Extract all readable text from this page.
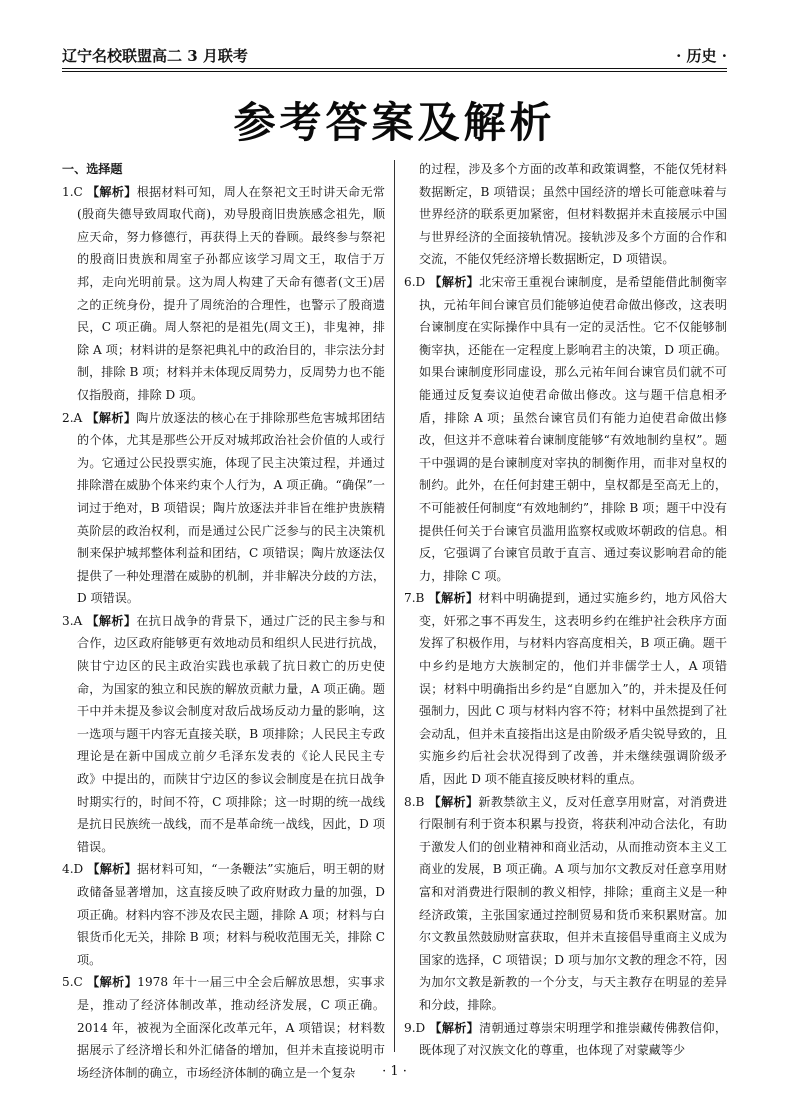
辽宁名校联盟高二 3 月联考	· 历史 ·
参考答案及解析
一、选择题

1.C 【解析】根据材料可知，周人在祭祀文王时讲天命无常(殷商失德导致周取代商)，劝导殷商旧贵族感念祖先，顺应天命，努力修德行，再获得上天的眷顾。最终参与祭祀的殷商旧贵族和周室子孙都应该学习周文王，取信于万邦，走向光明前景。这为周人构建了天命有德者(文王)居之的正统身份，提升了周统治的合理性，也警示了殷商遗民，C 项正确。周人祭祀的是祖先(周文王)，非鬼神，排除 A 项；材料讲的是祭祀典礼中的政治目的，非宗法分封制，排除 B 项；材料并未体现反周势力，反周势力也不能仅指殷商，排除 D 项。

2.A 【解析】陶片放逐法的核心在于排除那些危害城邦团结的个体，尤其是那些公开反对城邦政治社会价值的人或行为。它通过公民投票实施，体现了民主决策过程，并通过排除潜在威胁个体来约束个人行为，A 项正确。“确保”一词过于绝对，B 项错误；陶片放逐法并非旨在维护贵族精英阶层的政治权利，而是通过公民广泛参与的民主决策机制来保护城邦整体利益和团结，C 项错误；陶片放逐法仅提供了一种处理潜在威胁的机制，并非解决分歧的方法，D 项错误。

3.A 【解析】在抗日战争的背景下，通过广泛的民主参与和合作，边区政府能够更有效地动员和组织人民进行抗战，陕甘宁边区的民主政治实践也承载了抗日救亡的历史使命，为国家的独立和民族的解放贡献力量，A 项正确。题干中并未提及参议会制度对敌后战场反动力量的影响，这一选项与题干内容无直接关联，B 项排除；人民民主专政理论是在新中国成立前夕毛泽东发表的《论人民民主专政》中提出的，而陕甘宁边区的参议会制度是在抗日战争时期实行的，时间不符，C 项排除；这一时期的统一战线是抗日民族统一战线，而不是革命统一战线，因此，D 项错误。

4.D 【解析】据材料可知，“一条鞭法”实施后，明王朝的财政储备显著增加，这直接反映了政府财政力量的加强，D 项正确。材料内容不涉及农民主题，排除 A 项；材料与白银货币化无关，排除 B 项；材料与税收范围无关，排除 C 项。

5.C 【解析】1978 年十一届三中全会后解放思想，实事求是，推动了经济体制改革，推动经济发展，C 项正确。2014 年，被视为全面深化改革元年，A 项错误；材料数据展示了经济增长和外汇储备的增加，但并未直接说明市场经济体制的确立，市场经济体制的确立是一个复杂

的过程，涉及多个方面的改革和政策调整，不能仅凭材料数据断定，B 项错误；虽然中国经济的增长可能意味着与世界经济的联系更加紧密，但材料数据并未直接展示中国与世界经济的全面接轨情况。接轨涉及多个方面的合作和交流，不能仅凭经济增长数据断定，D 项错误。

6.D 【解析】北宋帝王重视台谏制度，是希望能借此制衡宰执，元祐年间台谏官员们能够迫使君命做出修改，这表明台谏制度在实际操作中具有一定的灵活性。它不仅能够制衡宰执，还能在一定程度上影响君主的决策，D 项正确。如果台谏制度形同虚设，那么元祐年间台谏官员们就不可能通过反复奏议迫使君命做出修改。这与题干信息相矛盾，排除 A 项；虽然台谏官员们有能力迫使君命做出修改，但这并不意味着台谏制度能够“有效地制约皇权”。题干中强调的是台谏制度对宰执的制衡作用，而非对皇权的制约。此外，在任何封建王朝中，皇权都是至高无上的，不可能被任何制度“有效地制约”，排除 B 项；题干中没有提供任何关于台谏官员滥用监察权或败坏朝政的信息。相反，它强调了台谏官员敢于直言、通过奏议影响君命的能力，排除 C 项。

7.B 【解析】材料中明确提到，通过实施乡约，地方风俗大变，奸邪之事不再发生，这表明乡约在维护社会秩序方面发挥了积极作用，与材料内容高度相关，B 项正确。题干中乡约是地方大族制定的，他们并非儒学士人，A 项错误；材料中明确指出乡约是“自愿加入”的，并未提及任何强制力，因此 C 项与材料内容不符；材料中虽然提到了社会动乱，但并未直接指出这是由阶级矛盾尖锐导致的，且实施乡约后社会状况得到了改善，并未继续强调阶级矛盾，因此 D 项不能直接反映材料的重点。

8.B 【解析】新教禁欲主义，反对任意享用财富，对消费进行限制有利于资本积累与投资，将获利冲动合法化，有助于激发人们的创业精神和商业活动，从而推动资本主义工商业的发展，B 项正确。A 项与加尔文教反对任意享用财富和对消费进行限制的教义相悖，排除；重商主义是一种经济政策，主张国家通过控制贸易和货币来积累财富。加尔文教虽然鼓励财富获取，但并未直接倡导重商主义成为国家的选择，C 项错误；D 项与加尔文教的理念不符，因为加尔文教是新教的一个分支，与天主教存在明显的差异和分歧，排除。

9.D 【解析】清朝通过尊崇宋明理学和推崇藏传佛教信仰，既体现了对汉族文化的尊重，也体现了对蒙藏等少

· 1 ·
